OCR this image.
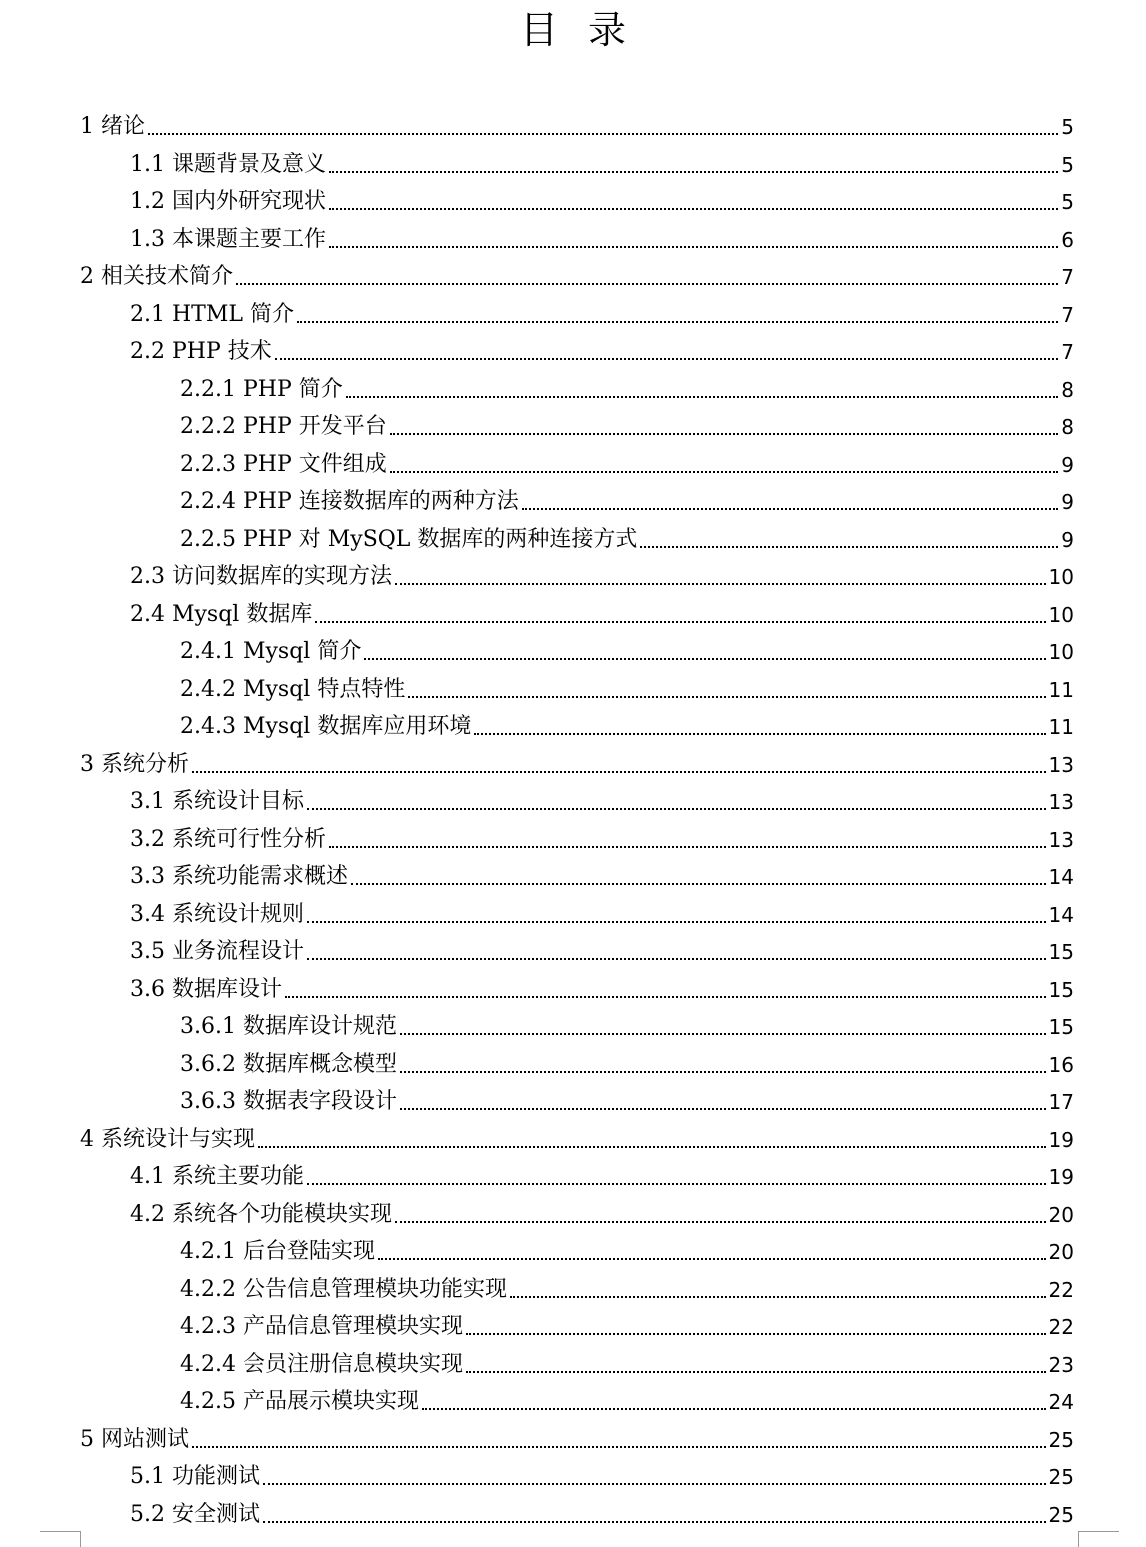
目录
1 绪论	5
1.1 课题背景及意义	5
1.2 国内外研究现状	5
1.3 本课题主要工作	6
2 相关技术简介	7
2.1 HTML 简介	7
2.2 PHP 技术	7
2.2.1 PHP 简介	8
2.2.2 PHP 开发平台	8
2.2.3 PHP 文件组成	9
2.2.4 PHP 连接数据库的两种方法	9
2.2.5 PHP 对 MySQL 数据库的两种连接方式	9
2.3 访问数据库的实现方法	10
2.4 Mysql 数据库	10
2.4.1 Mysql 简介	10
2.4.2 Mysql 特点特性	11
2.4.3 Mysql 数据库应用环境	11
3 系统分析	13
3.1 系统设计目标	13
3.2 系统可行性分析	13
3.3 系统功能需求概述	14
3.4 系统设计规则	14
3.5 业务流程设计	15
3.6 数据库设计	15
3.6.1 数据库设计规范	15
3.6.2 数据库概念模型	16
3.6.3 数据表字段设计	17
4 系统设计与实现	19
4.1 系统主要功能	19
4.2 系统各个功能模块实现	20
4.2.1 后台登陆实现	20
4.2.2 公告信息管理模块功能实现	22
4.2.3 产品信息管理模块实现	22
4.2.4 会员注册信息模块实现	23
4.2.5 产品展示模块实现	24
5 网站测试	25
5.1 功能测试	25
5.2 安全测试	25
